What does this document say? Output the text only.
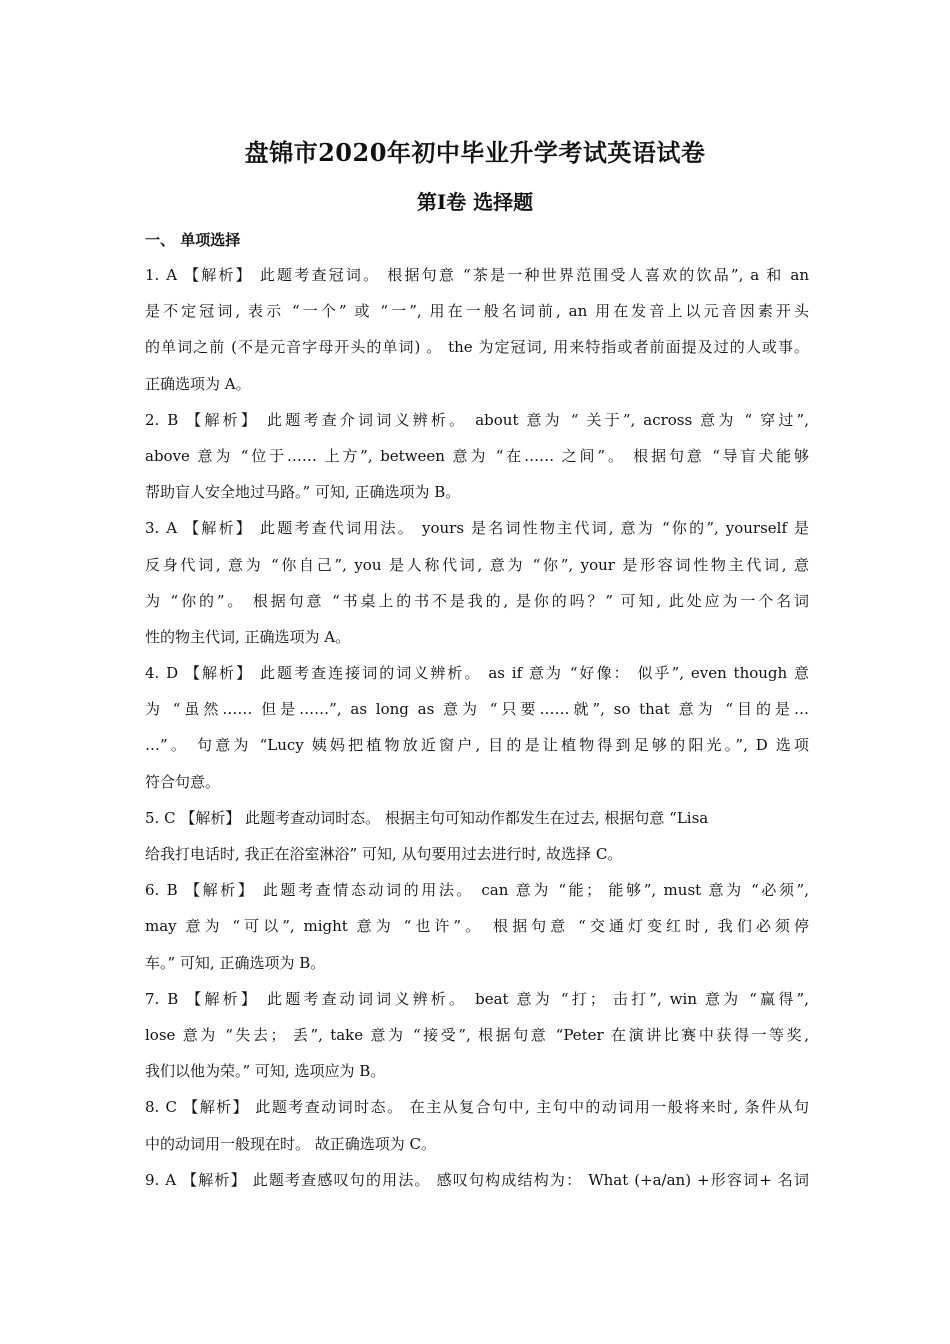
盘锦市2020年初中毕业升学考试英语试卷
第Ⅰ卷 选择题
一、 单项选择
1. A 【解析】 此题考查冠词。 根据句意 “茶是一种世界范围受人喜欢的饮品”, a 和 an
是不定冠词, 表示 “一个” 或 “一”, 用在一般名词前, an 用在发音上以元音因素开头
的单词之前 (不是元音字母开头的单词) 。 the 为定冠词, 用来特指或者前面提及过的人或事。
正确选项为 A。
2. B 【解析】 此题考查介词词义辨析。 about 意为 “ 关于”, across 意为 “ 穿过”,
above 意为 “位于…… 上方”, between 意为 “在…… 之间”。 根据句意 “导盲犬能够
帮助盲人安全地过马路。” 可知, 正确选项为 B。
3. A 【解析】 此题考查代词用法。 yours 是名词性物主代词, 意为 “你的”, yourself 是
反身代词, 意为 “你自己”, you 是人称代词, 意为 “你”, your 是形容词性物主代词, 意
为 “你的”。 根据句意 “书桌上的书不是我的, 是你的吗？” 可知, 此处应为一个名词
性的物主代词, 正确选项为 A。
4. D 【解析】 此题考查连接词的词义辨析。 as if 意为 “好像： 似乎”, even though 意
为 “虽然…… 但是……”, as long as 意为 “只要……就”, so that 意为 “目的是…
…”。 句意为 “Lucy 姨妈把植物放近窗户, 目的是让植物得到足够的阳光。”, D 选项
符合句意。
5. C 【解析】 此题考查动词时态。 根据主句可知动作都发生在过去, 根据句意 “Lisa
给我打电话时, 我正在浴室淋浴” 可知, 从句要用过去进行时, 故选择 C。
6. B 【解析】 此题考查情态动词的用法。 can 意为 “能； 能够”, must 意为 “必须”,
may 意为 “可以”, might 意为 “也许”。 根据句意 “交通灯变红时, 我们必须停
车。” 可知, 正确选项为 B。
7. B 【解析】 此题考查动词词义辨析。 beat 意为 “打； 击打”, win 意为 “赢得”,
lose 意为 “失去； 丢”, take 意为 “接受”, 根据句意 “Peter 在演讲比赛中获得一等奖,
我们以他为荣。” 可知, 选项应为 B。
8. C 【解析】 此题考查动词时态。 在主从复合句中, 主句中的动词用一般将来时, 条件从句
中的动词用一般现在时。 故正确选项为 C。
9. A 【解析】 此题考查感叹句的用法。 感叹句构成结构为： What (+a/an) +形容词+ 名词
